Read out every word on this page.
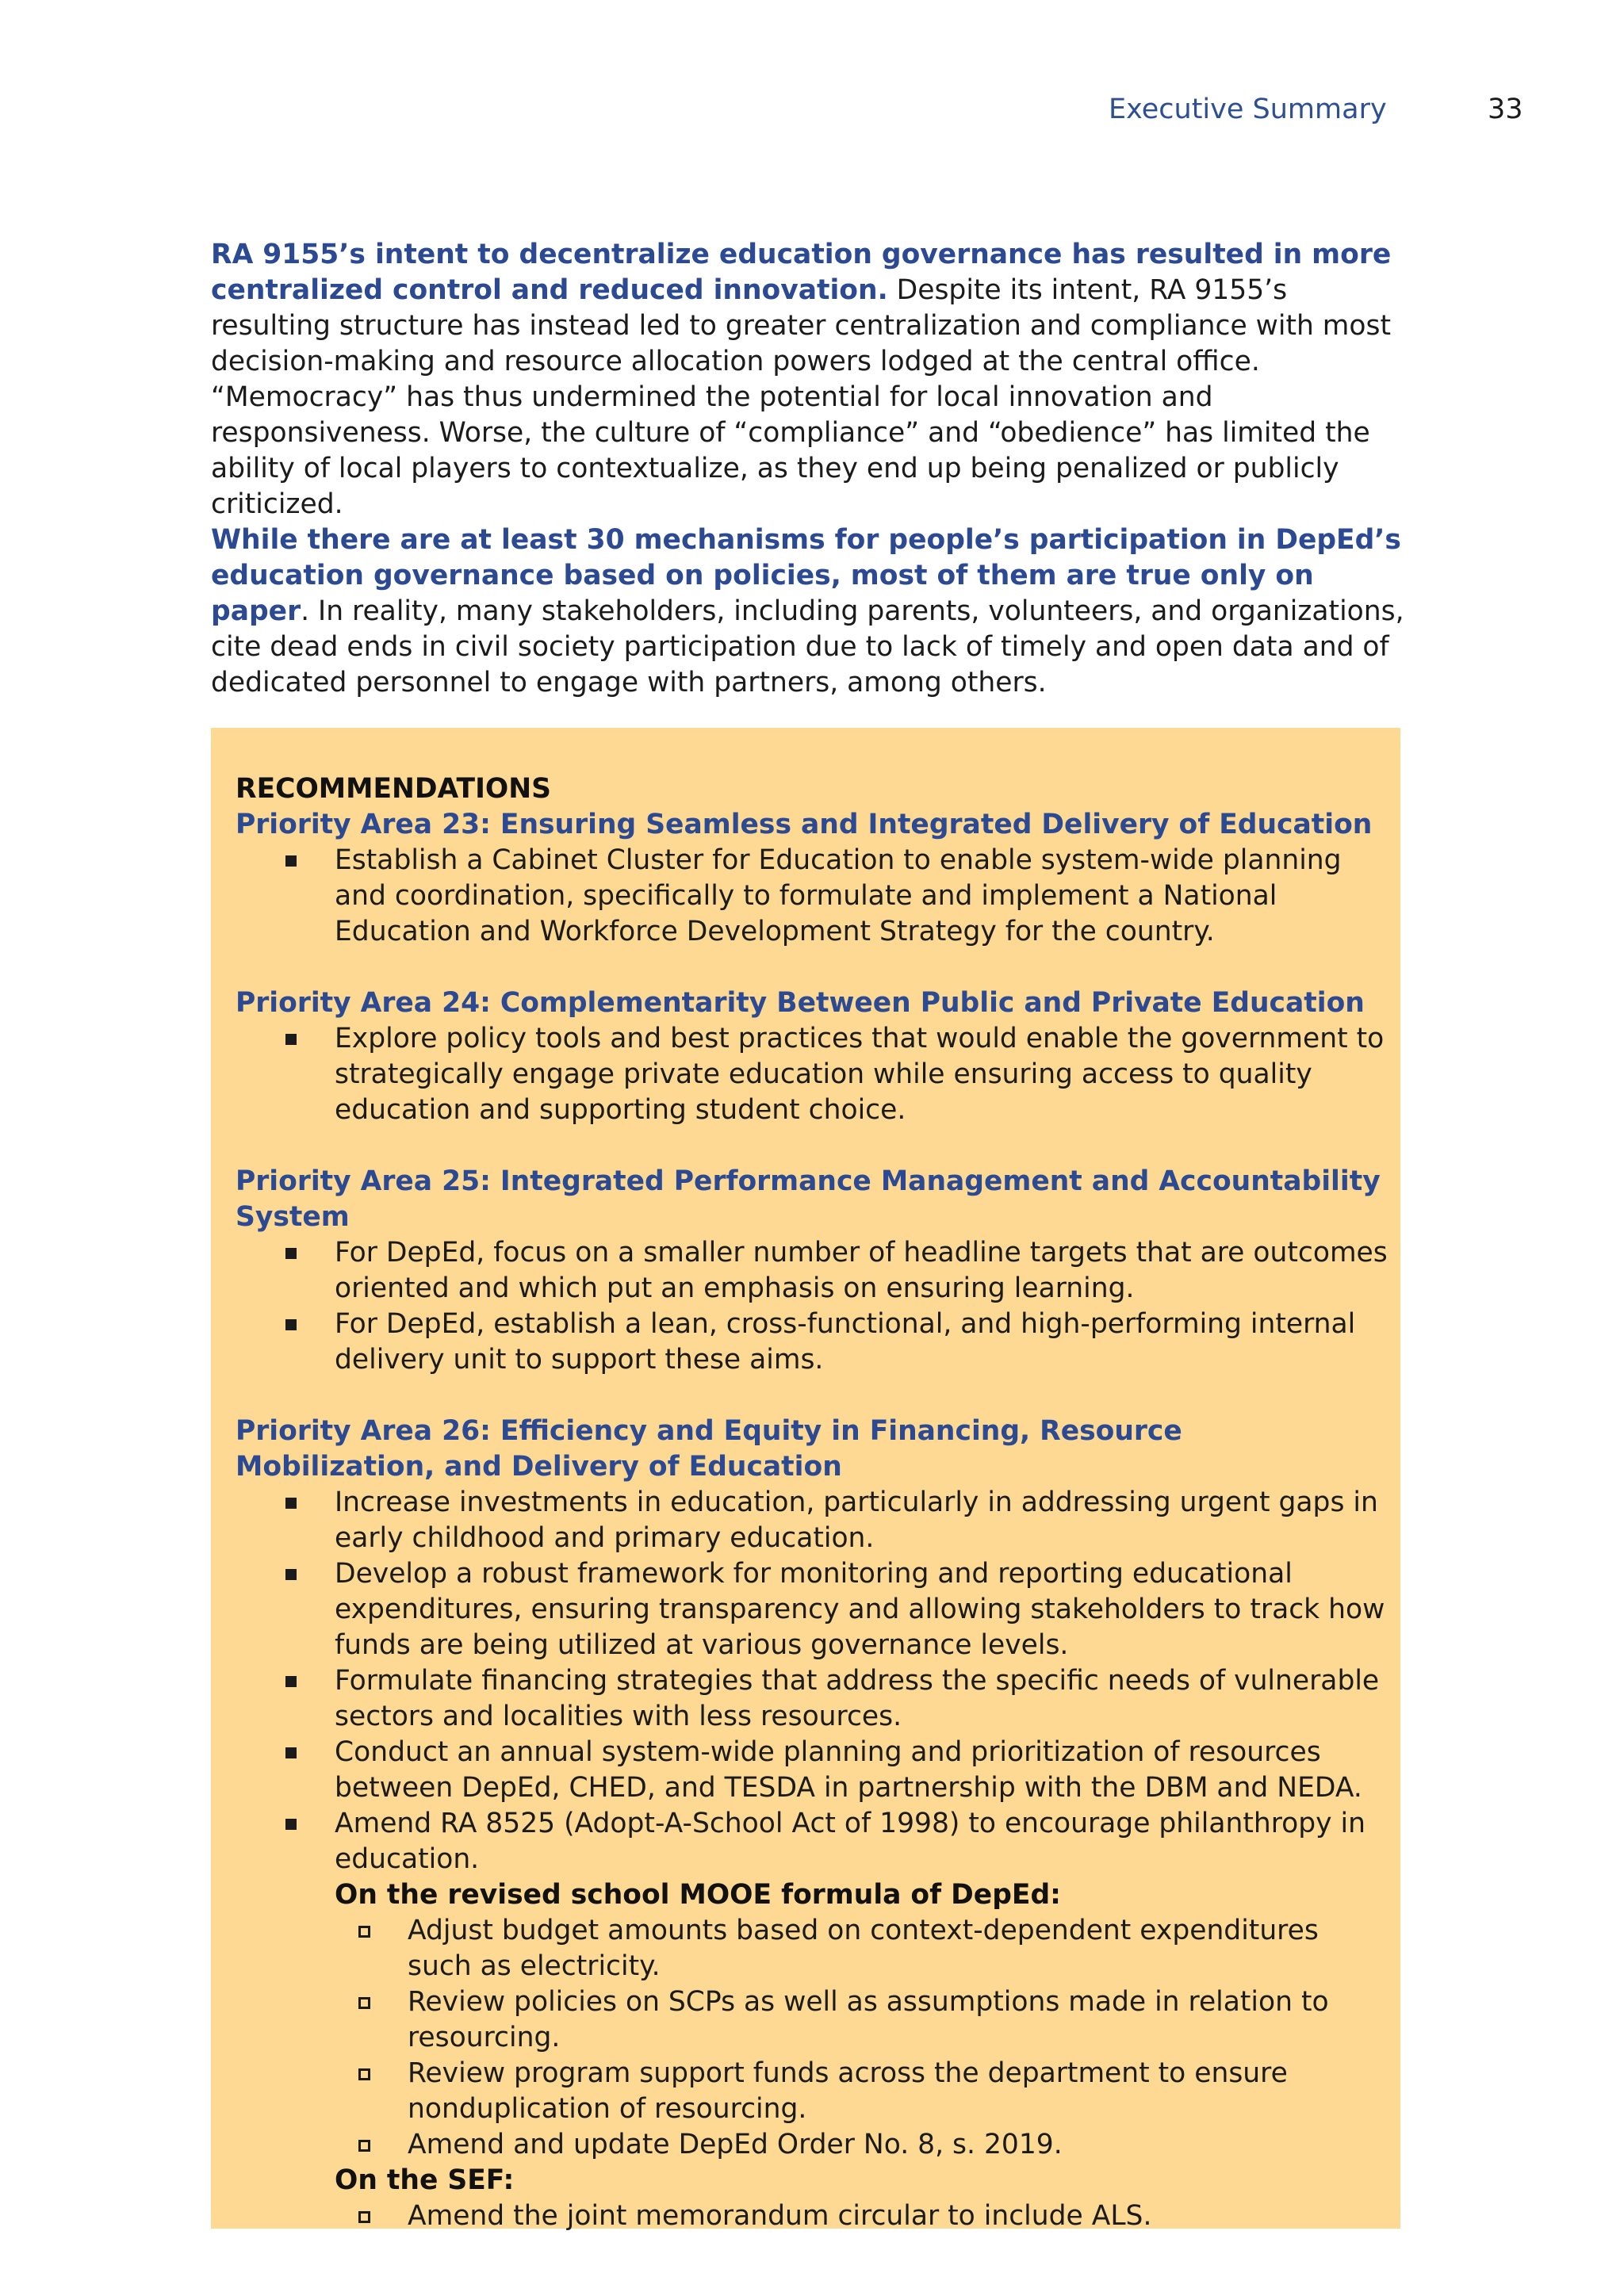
Executive Summary	33

RA 9155’s intent to decentralize education governance has resulted in more centralized control and reduced innovation. Despite its intent, RA 9155’s resulting structure has instead led to greater centralization and compliance with most decision-making and resource allocation powers lodged at the central office. “Memocracy” has thus undermined the potential for local innovation and responsiveness. Worse, the culture of “compliance” and “obedience” has limited the ability of local players to contextualize, as they end up being penalized or publicly criticized.

While there are at least 30 mechanisms for people’s participation in DepEd’s education governance based on policies, most of them are true only on paper. In reality, many stakeholders, including parents, volunteers, and organizations, cite dead ends in civil society participation due to lack of timely and open data and of dedicated personnel to engage with partners, among others.

RECOMMENDATIONS
Priority Area 23: Ensuring Seamless and Integrated Delivery of Education
Establish a Cabinet Cluster for Education to enable system-wide planning and coordination, specifically to formulate and implement a National Education and Workforce Development Strategy for the country.
Priority Area 24: Complementarity Between Public and Private Education
Explore policy tools and best practices that would enable the government to strategically engage private education while ensuring access to quality education and supporting student choice.
Priority Area 25: Integrated Performance Management and Accountability System
For DepEd, focus on a smaller number of headline targets that are outcomes oriented and which put an emphasis on ensuring learning.
For DepEd, establish a lean, cross-functional, and high-performing internal delivery unit to support these aims.
Priority Area 26: Efficiency and Equity in Financing, Resource Mobilization, and Delivery of Education
Increase investments in education, particularly in addressing urgent gaps in early childhood and primary education.
Develop a robust framework for monitoring and reporting educational expenditures, ensuring transparency and allowing stakeholders to track how funds are being utilized at various governance levels.
Formulate financing strategies that address the specific needs of vulnerable sectors and localities with less resources.
Conduct an annual system-wide planning and prioritization of resources between DepEd, CHED, and TESDA in partnership with the DBM and NEDA.
Amend RA 8525 (Adopt-A-School Act of 1998) to encourage philanthropy in education.
On the revised school MOOE formula of DepEd:
Adjust budget amounts based on context-dependent expenditures such as electricity.
Review policies on SCPs as well as assumptions made in relation to resourcing.
Review program support funds across the department to ensure nonduplication of resourcing.
Amend and update DepEd Order No. 8, s. 2019.
On the SEF:
Amend the joint memorandum circular to include ALS.
